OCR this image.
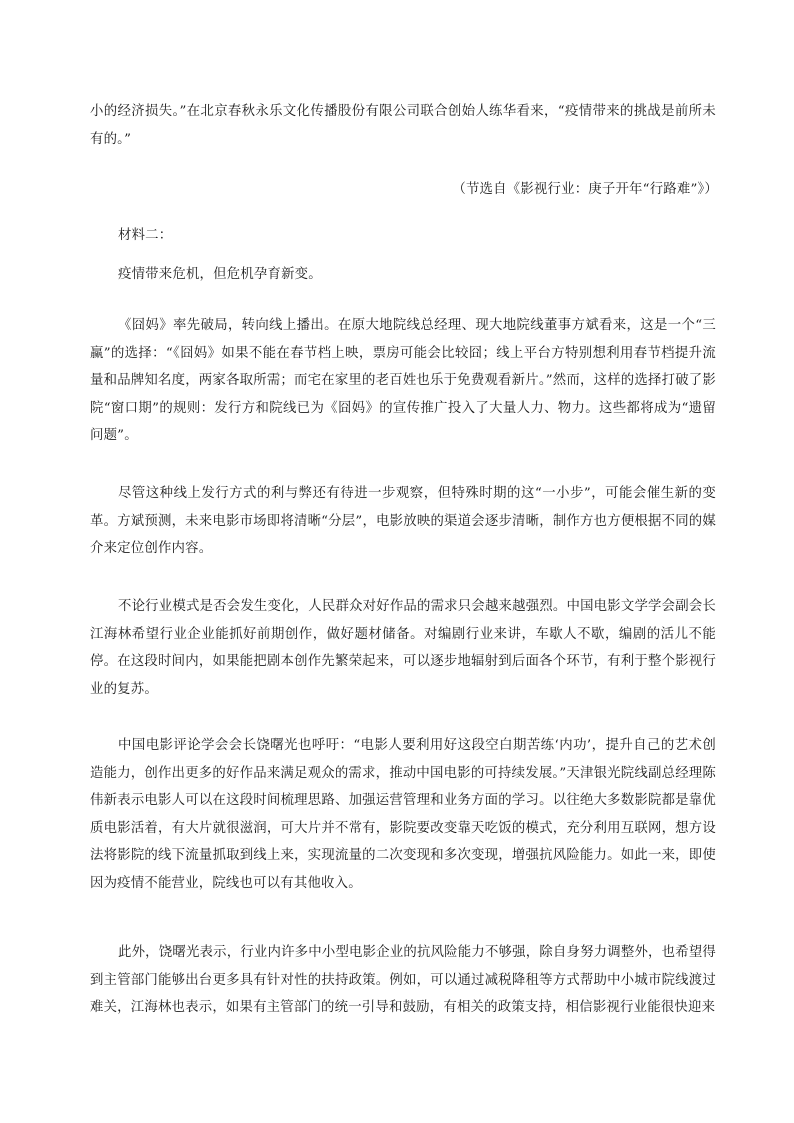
小的经济损失。”在北京春秋永乐文化传播股份有限公司联合创始人练华看来，“疫情带来的挑战是前所未有的。”
（节选自《影视行业：庚子开年“行路难”》）
材料二：
疫情带来危机，但危机孕育新变。
《囧妈》率先破局，转向线上播出。在原大地院线总经理、现大地院线董事方斌看来，这是一个“三赢”的选择：“《囧妈》如果不能在春节档上映，票房可能会比较囧；线上平台方特别想利用春节档提升流量和品牌知名度，两家各取所需；而宅在家里的老百姓也乐于免费观看新片。”然而，这样的选择打破了影院“窗口期”的规则：发行方和院线已为《囧妈》的宣传推广投入了大量人力、物力。这些都将成为“遗留问题”。
尽管这种线上发行方式的利与弊还有待进一步观察，但特殊时期的这“一小步”，可能会催生新的变革。方斌预测，未来电影市场即将清晰“分层”，电影放映的渠道会逐步清晰，制作方也方便根据不同的媒介来定位创作内容。
不论行业模式是否会发生变化，人民群众对好作品的需求只会越来越强烈。中国电影文学学会副会长江海林希望行业企业能抓好前期创作，做好题材储备。对编剧行业来讲，车歇人不歇，编剧的活儿不能停。在这段时间内，如果能把剧本创作先繁荣起来，可以逐步地辐射到后面各个环节，有利于整个影视行业的复苏。
中国电影评论学会会长饶曙光也呼吁：“电影人要利用好这段空白期苦练‘内功’，提升自己的艺术创造能力，创作出更多的好作品来满足观众的需求，推动中国电影的可持续发展。”天津银光院线副总经理陈伟新表示电影人可以在这段时间梳理思路、加强运营管理和业务方面的学习。以往绝大多数影院都是靠优质电影活着，有大片就很滋润，可大片并不常有，影院要改变靠天吃饭的模式，充分利用互联网，想方设法将影院的线下流量抓取到线上来，实现流量的二次变现和多次变现，增强抗风险能力。如此一来，即使因为疫情不能营业，院线也可以有其他收入。
此外，饶曙光表示，行业内许多中小型电影企业的抗风险能力不够强，除自身努力调整外，也希望得到主管部门能够出台更多具有针对性的扶持政策。例如，可以通过减税降租等方式帮助中小城市院线渡过难关，江海林也表示，如果有主管部门的统一引导和鼓励，有相关的政策支持，相信影视行业能很快迎来
